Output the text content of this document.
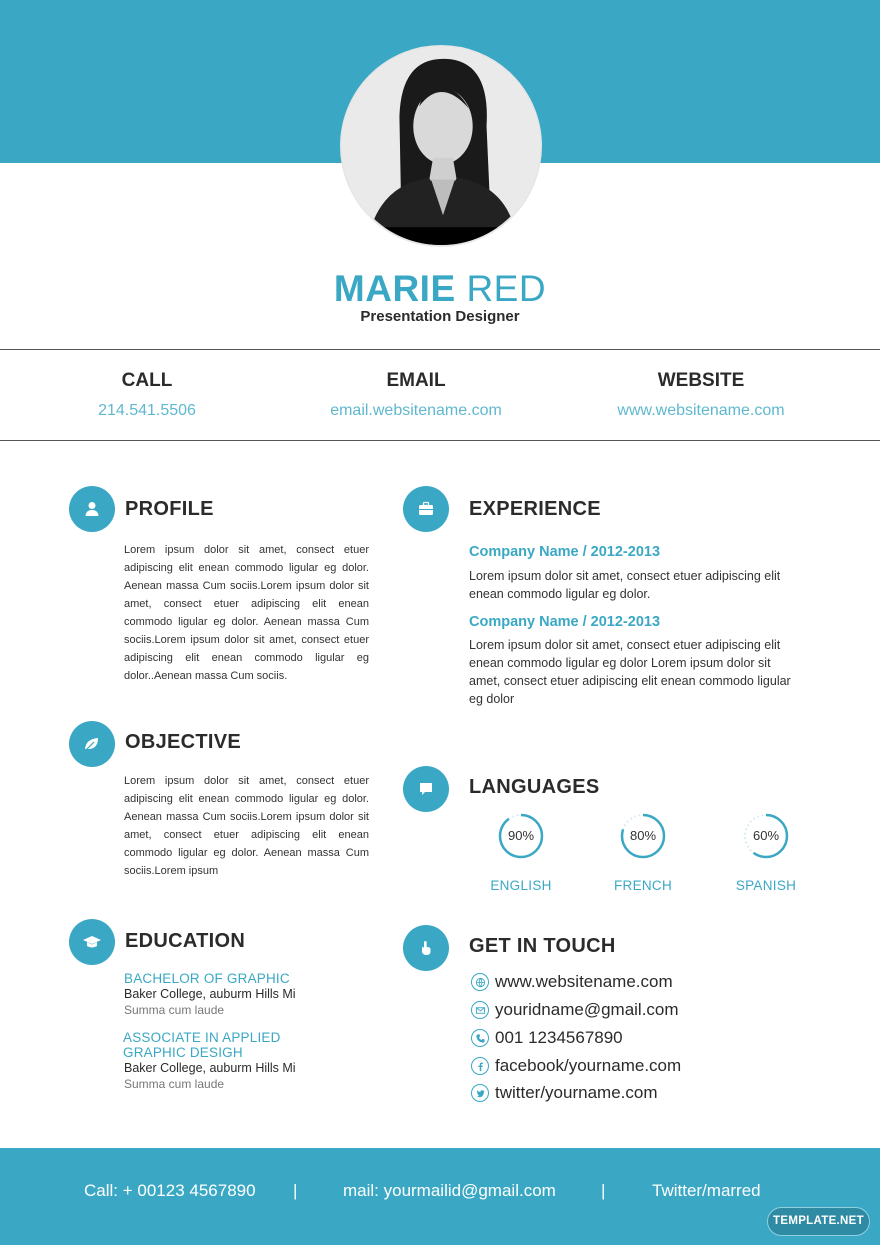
MARIE RED
Presentation Designer
CALL
214.541.5506
EMAIL
email.websitename.com
WEBSITE
www.websitename.com
PROFILE
Lorem ipsum dolor sit amet, consect etuer adipiscing elit enean commodo ligular eg dolor. Aenean massa Cum sociis.Lorem ipsum dolor sit amet, consect etuer adipiscing elit enean commodo ligular eg dolor. Aenean massa Cum sociis.Lorem ipsum dolor sit amet, consect etuer adipiscing elit enean commodo ligular eg dolor..Aenean massa Cum sociis.
OBJECTIVE
Lorem ipsum dolor sit amet, consect etuer adipiscing elit enean commodo ligular eg dolor. Aenean massa Cum sociis.Lorem ipsum dolor sit amet, consect etuer adipiscing elit enean commodo ligular eg dolor. Aenean massa Cum sociis.Lorem ipsum
EDUCATION
BACHELOR OF GRAPHIC
Baker College, auburm Hills Mi
Summa cum laude
ASSOCIATE IN APPLIED
GRAPHIC DESIGH
Baker College, auburm Hills Mi
Summa cum laude
EXPERIENCE
Company Name / 2012-2013
Lorem ipsum dolor sit amet, consect etuer adipiscing elit enean commodo ligular eg dolor.
Company Name / 2012-2013
Lorem ipsum dolor sit amet, consect etuer adipiscing elit enean commodo ligular eg dolor Lorem ipsum dolor sit amet, consect etuer adipiscing elit enean commodo ligular eg dolor
LANGUAGES
90%
ENGLISH
80%
FRENCH
60%
SPANISH
GET IN TOUCH
www.websitename.com
youridname@gmail.com
001 1234567890
facebook/yourname.com
twitter/yourname.com
Call: + 00123 4567890 |	mail: yourmailid@gmail.com	|	Twitter/marred
TEMPLATE.NET
